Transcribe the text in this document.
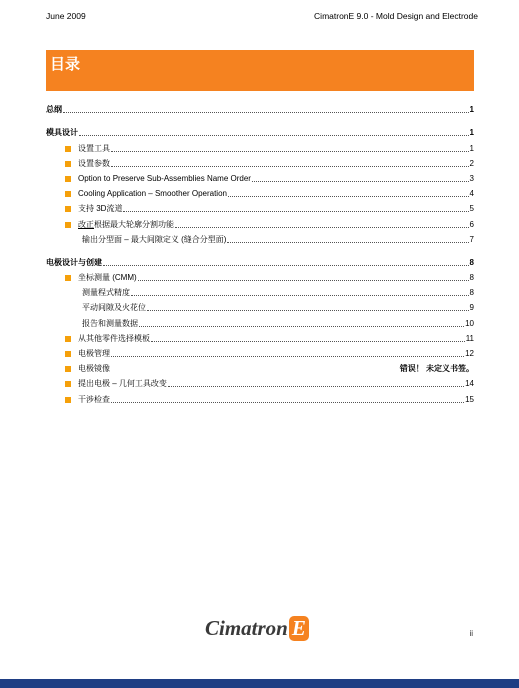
June 2009	CimatronE 9.0 - Mold Design and Electrode
目录
总纲	1
模具设计	1
设置工具	1
设置参数	2
Option to Preserve Sub-Assemblies Name Order	3
Cooling Application – Smoother Operation	4
支持 3D流道	5
改正根据最大轮廓分割功能	6
输出分型面 – 最大间隙定义 (缝合分型面)	7
电极设计与创建	8
坐标测量 (CMM)	8
测量程式精度	8
平动间隙及火花位	9
报告和测量数据	10
从其他零件选择模板	11
电极管理	12
电极镜像	错误！ 未定义书签。
提出电极 – 几何工具改变	14
干涉检查	15
Cimatron E	ii
